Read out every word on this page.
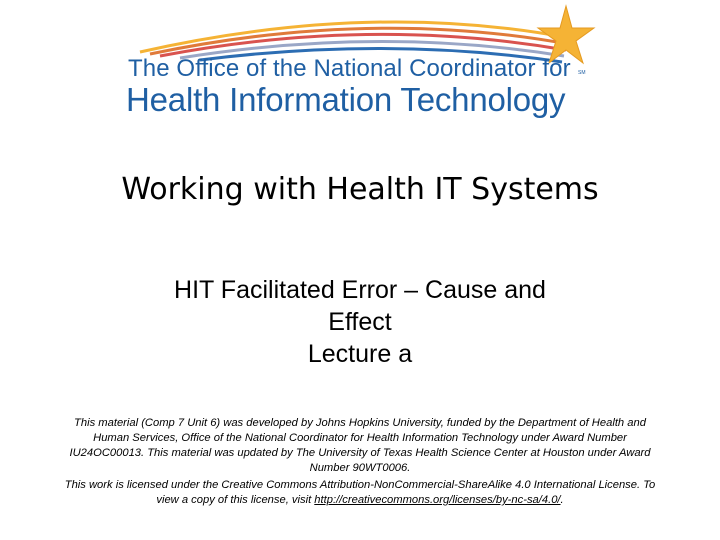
The Office of the National Coordinator for
Health Information Technology
SM
Working with Health IT Systems
HIT Facilitated Error – Cause and
Effect
Lecture a
This material (Comp 7 Unit 6) was developed by Johns Hopkins University, funded by the Department of Health and Human Services, Office of the National Coordinator for Health Information Technology under Award Number IU24OC00013. This material was updated by The University of Texas Health Science Center at Houston under Award Number 90WT0006.
This work is licensed under the Creative Commons Attribution-NonCommercial-ShareAlike 4.0 International License. To view a copy of this license, visit http://creativecommons.org/licenses/by-nc-sa/4.0/.
